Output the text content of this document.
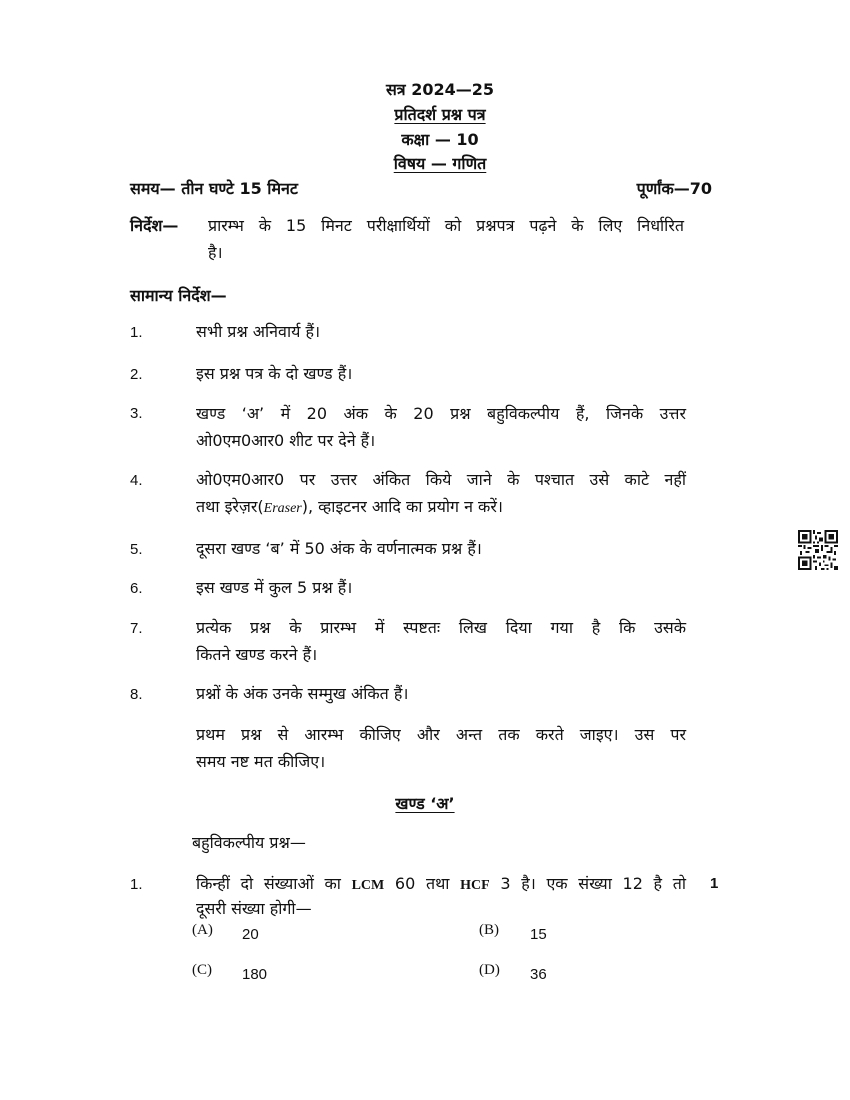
सत्र 2024—25
प्रतिदर्श प्रश्न पत्र
कक्षा — 10
विषय — गणित
समय— तीन घण्टे 15 मिनट	पूर्णांक—70
निर्देश— प्रारम्भ के 15 मिनट परीक्षार्थियों को प्रश्नपत्र पढ़ने के लिए निर्धारित
है।
सामान्य निर्देश—
1.	सभी प्रश्न अनिवार्य हैं।
2.	इस प्रश्न पत्र के दो खण्ड हैं।
3.	खण्ड ‘अ’ में 20 अंक के 20 प्रश्न बहुविकल्पीय हैं, जिनके उत्तर
ओ0एम0आर0 शीट पर देने हैं।
4.	ओ0एम0आर0 पर उत्तर अंकित किये जाने के पश्चात उसे काटे नहीं
तथा इरेज़र(Eraser), व्हाइटनर आदि का प्रयोग न करें।
5.	दूसरा खण्ड ‘ब’ में 50 अंक के वर्णनात्मक प्रश्न हैं।
6.	इस खण्ड में कुल 5 प्रश्न हैं।
7.	प्रत्येक प्रश्न के प्रारम्भ में स्पष्टतः लिख दिया गया है कि उसके
कितने खण्ड करने हैं।
8.	प्रश्नों के अंक उनके सम्मुख अंकित हैं।
प्रथम प्रश्न से आरम्भ कीजिए और अन्त तक करते जाइए। उस पर
समय नष्ट मत कीजिए।
खण्ड ‘अ’
बहुविकल्पीय प्रश्न—
1.	किन्हीं दो संख्याओं का LCM 60 तथा HCF 3 है। एक संख्या 12 है तो
दूसरी संख्या होगी—
1
(A) 20	(B) 15
(C) 180	(D) 36
